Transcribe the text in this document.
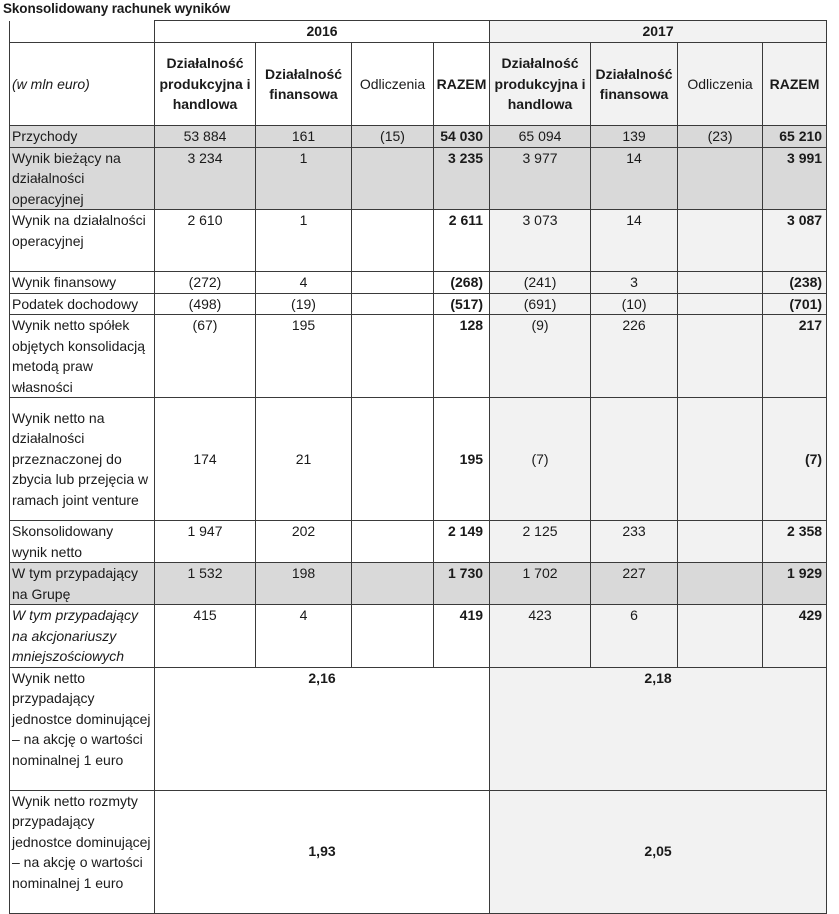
Skonsolidowany rachunek wyników
	2016				2017			
(w mln euro)	Działalność produkcyjna i handlowa	Działalność finansowa	Odliczenia	RAZEM	Działalność produkcyjna i handlowa	Działalność finansowa	Odliczenia	RAZEM
Przychody	53 884	161	(15)	54 030	65 094	139	(23)	65 210
Wynik bieżący na działalności operacyjnej	3 234	1		3 235	3 977	14		3 991
Wynik na działalności operacyjnej	2 610	1		2 611	3 073	14		3 087
Wynik finansowy	(272)	4		(268)	(241)	3		(238)
Podatek dochodowy	(498)	(19)		(517)	(691)	(10)		(701)
Wynik netto spółek objętych konsolidacją metodą praw własności	(67)	195		128	(9)	226		217
Wynik netto na działalności przeznaczonej do zbycia lub przejęcia w ramach joint venture	174	21		195	(7)			(7)
Skonsolidowany wynik netto	1 947	202		2 149	2 125	233		2 358
W tym przypadający na Grupę	1 532	198		1 730	1 702	227		1 929
W tym przypadający na akcjonariuszy mniejszościowych	415	4		419	423	6		429
Wynik netto przypadający jednostce dominującej – na akcję o wartości nominalnej 1 euro	2,16				2,18			
Wynik netto rozmyty przypadający jednostce dominującej – na akcję o wartości nominalnej 1 euro	1,93				2,05			
